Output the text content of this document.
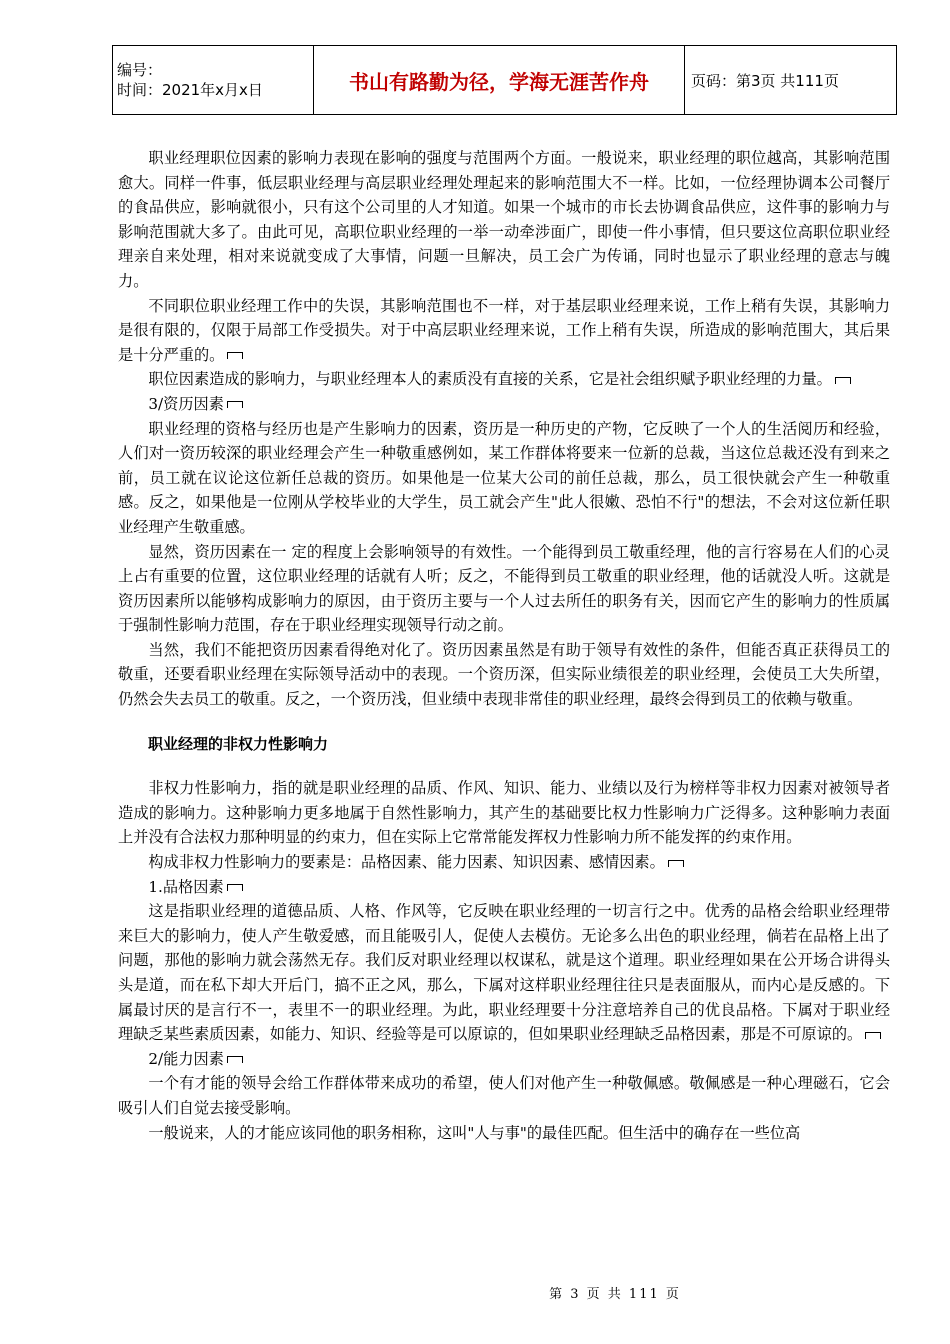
编号：
时间：2021年x月x日	书山有路勤为径，学海无涯苦作舟	页码：第3页 共111页

职业经理职位因素的影响力表现在影响的强度与范围两个方面。一般说来，职业经理的职位越高，其影响范围愈大。同样一件事，低层职业经理与高层职业经理处理起来的影响范围大不一样。比如，一位经理协调本公司餐厅的食品供应，影响就很小，只有这个公司里的人才知道。如果一个城市的市长去协调食品供应，这件事的影响力与影响范围就大多了。由此可见，高职位职业经理的一举一动牵涉面广，即使一件小事情，但只要这位高职位职业经理亲自来处理，相对来说就变成了大事情，问题一旦解决，员工会广为传诵，同时也显示了职业经理的意志与魄力。

不同职位职业经理工作中的失误，其影响范围也不一样，对于基层职业经理来说，工作上稍有失误，其影响力是很有限的，仅限于局部工作受损失。对于中高层职业经理来说，工作上稍有失误，所造成的影响范围大，其后果是十分严重的。

职位因素造成的影响力，与职业经理本人的素质没有直接的关系，它是社会组织赋予职业经理的力量。

3∕资历因素

职业经理的资格与经历也是产生影响力的因素，资历是一种历史的产物，它反映了一个人的生活阅历和经验，人们对一资历较深的职业经理会产生一种敬重感例如，某工作群体将要来一位新的总裁，当这位总裁还没有到来之前，员工就在议论这位新任总裁的资历。如果他是一位某大公司的前任总裁，那么，员工很快就会产生一种敬重感。反之，如果他是一位刚从学校毕业的大学生，员工就会产生"此人很嫩、恐怕不行"的想法，不会对这位新任职业经理产生敬重感。

显然，资历因素在一 定的程度上会影响领导的有效性。一个能得到员工敬重经理，他的言行容易在人们的心灵上占有重要的位置，这位职业经理的话就有人听；反之，不能得到员工敬重的职业经理，他的话就没人听。这就是资历因素所以能够构成影响力的原因，由于资历主要与一个人过去所任的职务有关，因而它产生的影响力的性质属于强制性影响力范围，存在于职业经理实现领导行动之前。

当然，我们不能把资历因素看得绝对化了。资历因素虽然是有助于领导有效性的条件，但能否真正获得员工的敬重，还要看职业经理在实际领导活动中的表现。一个资历深，但实际业绩很差的职业经理，会使员工大失所望，仍然会失去员工的敬重。反之，一个资历浅，但业绩中表现非常佳的职业经理，最终会得到员工的依赖与敬重。

职业经理的非权力性影响力

非权力性影响力，指的就是职业经理的品质、作风、知识、能力、业绩以及行为榜样等非权力因素对被领导者造成的影响力。这种影响力更多地属于自然性影响力，其产生的基础要比权力性影响力广泛得多。这种影响力表面上并没有合法权力那种明显的约束力，但在实际上它常常能发挥权力性影响力所不能发挥的约束作用。

构成非权力性影响力的要素是：品格因素、能力因素、知识因素、感情因素。

1.品格因素

这是指职业经理的道德品质、人格、作风等，它反映在职业经理的一切言行之中。优秀的品格会给职业经理带来巨大的影响力，使人产生敬爱感，而且能吸引人，促使人去模仿。无论多么出色的职业经理，倘若在品格上出了问题，那他的影响力就会荡然无存。我们反对职业经理以权谋私，就是这个道理。职业经理如果在公开场合讲得头头是道，而在私下却大开后门，搞不正之风，那么，下属对这样职业经理往往只是表面服从，而内心是反感的。下属最讨厌的是言行不一，表里不一的职业经理。为此，职业经理要十分注意培养自己的优良品格。下属对于职业经理缺乏某些素质因素，如能力、知识、经验等是可以原谅的，但如果职业经理缺乏品格因素，那是不可原谅的。

2∕能力因素

一个有才能的领导会给工作群体带来成功的希望，使人们对他产生一种敬佩感。敬佩感是一种心理磁石，它会吸引人们自觉去接受影响。

一般说来，人的才能应该同他的职务相称，这叫"人与事"的最佳匹配。但生活中的确存在一些位高

第 3 页 共 111 页
